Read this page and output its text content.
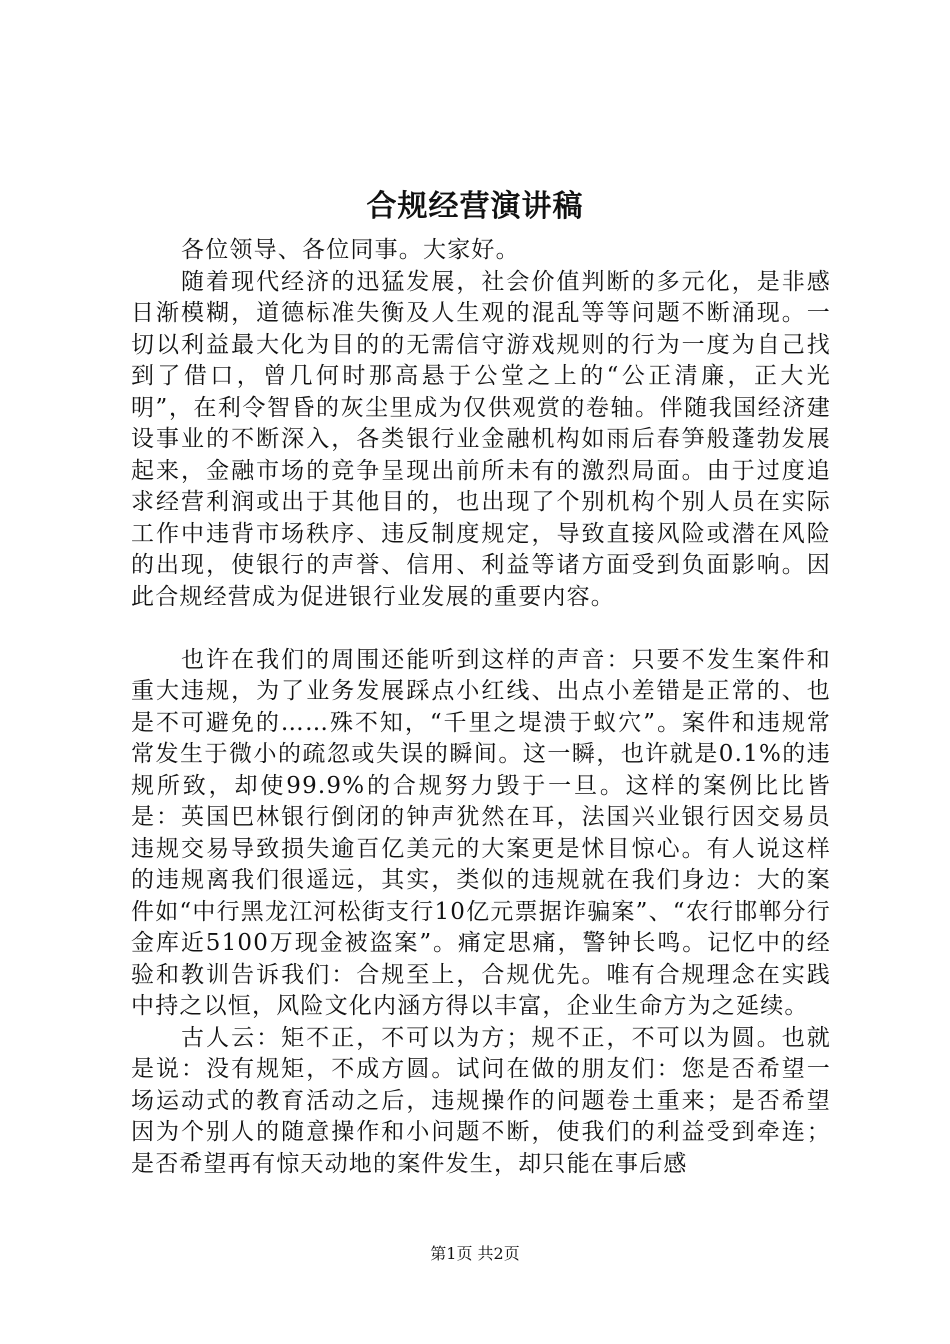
合规经营演讲稿

各位领导、各位同事。大家好。

随着现代经济的迅猛发展，社会价值判断的多元化，是非感日渐模糊，道德标准失衡及人生观的混乱等等问题不断涌现。一切以利益最大化为目的的无需信守游戏规则的行为一度为自己找到了借口，曾几何时那高悬于公堂之上的“公正清廉，正大光明”，在利令智昏的灰尘里成为仅供观赏的卷轴。伴随我国经济建设事业的不断深入，各类银行业金融机构如雨后春笋般蓬勃发展起来，金融市场的竞争呈现出前所未有的激烈局面。由于过度追求经营利润或出于其他目的，也出现了个别机构个别人员在实际工作中违背市场秩序、违反制度规定，导致直接风险或潜在风险的出现，使银行的声誉、信用、利益等诸方面受到负面影响。因此合规经营成为促进银行业发展的重要内容。

也许在我们的周围还能听到这样的声音：只要不发生案件和重大违规，为了业务发展踩点小红线、出点小差错是正常的、也是不可避免的……殊不知，“千里之堤溃于蚁穴”。案件和违规常常发生于微小的疏忽或失误的瞬间。这一瞬，也许就是0.1%的违规所致，却使99.9%的合规努力毁于一旦。这样的案例比比皆是：英国巴林银行倒闭的钟声犹然在耳，法国兴业银行因交易员违规交易导致损失逾百亿美元的大案更是怵目惊心。有人说这样的违规离我们很遥远，其实，类似的违规就在我们身边：大的案件如“中行黑龙江河松街支行10亿元票据诈骗案”、“农行邯郸分行金库近5100万现金被盗案”。痛定思痛，警钟长鸣。记忆中的经验和教训告诉我们：合规至上，合规优先。唯有合规理念在实践中持之以恒，风险文化内涵方得以丰富，企业生命方为之延续。

古人云：矩不正，不可以为方；规不正，不可以为圆。也就是说：没有规矩，不成方圆。试问在做的朋友们：您是否希望一场运动式的教育活动之后，违规操作的问题卷土重来；是否希望因为个别人的随意操作和小问题不断，使我们的利益受到牵连；是否希望再有惊天动地的案件发生，却只能在事后感

第1页 共2页
